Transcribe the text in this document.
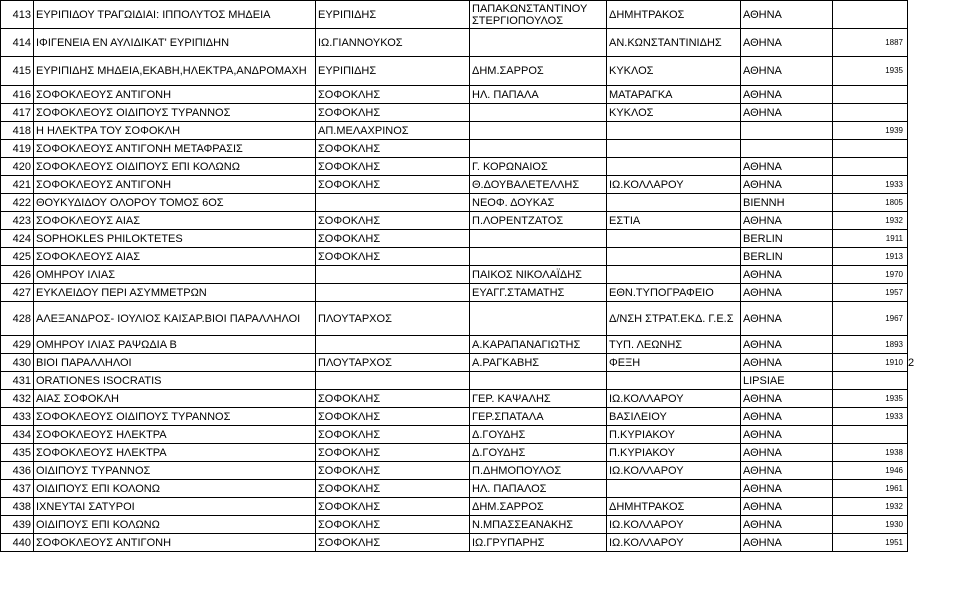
413	ΕΥΡΙΠΙΔΟΥ ΤΡΑΓΩΙΔΙΑΙ: ΙΠΠΟΛΥΤΟΣ ΜΗΔΕΙΑ	ΕΥΡΙΠΙΔΗΣ	ΠΑΠΑΚΩΝΣΤΑΝΤΙΝΟΥ ΣΤΕΡΓΙΟΠΟΥΛΟΣ	ΔΗΜΗΤΡΑΚΟΣ	ΑΘΗΝΑ		
414	ΙΦΙΓΕΝΕΙΑ ΕΝ ΑΥΛΙΔΙΚΑΤ' ΕΥΡΙΠΙΔΗΝ	ΙΩ.ΓΙΑΝΝΟΥΚΟΣ		ΑΝ.ΚΩΝΣΤΑΝΤΙΝΙΔΗΣ	ΑΘΗΝΑ	1887	
415	ΕΥΡΙΠΙΔΗΣ ΜΗΔΕΙΑ,ΕΚΑΒΗ,ΗΛΕΚΤΡΑ,ΑΝΔΡΟΜΑΧΗ	ΕΥΡΙΠΙΔΗΣ	ΔΗΜ.ΣΑΡΡΟΣ	ΚΥΚΛΟΣ	ΑΘΗΝΑ	1935	
416	ΣΟΦΟΚΛΕΟΥΣ ΑΝΤΙΓΟΝΗ	ΣΟΦΟΚΛΗΣ	ΗΛ. ΠΑΠΑΛΑ	ΜΑΤΑΡΑΓΚΑ	ΑΘΗΝΑ		
417	ΣΟΦΟΚΛΕΟΥΣ ΟΙΔΙΠΟΥΣ ΤΥΡΑΝΝΟΣ	ΣΟΦΟΚΛΗΣ		ΚΥΚΛΟΣ	ΑΘΗΝΑ		
418	Η ΗΛΕΚΤΡΑ ΤΟΥ ΣΟΦΟΚΛΗ	ΑΠ.ΜΕΛΑΧΡΙΝΟΣ				1939	
419	ΣΟΦΟΚΛΕΟΥΣ ΑΝΤΙΓΟΝΗ ΜΕΤΑΦΡΑΣΙΣ	ΣΟΦΟΚΛΗΣ					
420	ΣΟΦΟΚΛΕΟΥΣ ΟΙΔΙΠΟΥΣ ΕΠΙ ΚΟΛΩΝΩ	ΣΟΦΟΚΛΗΣ	Γ. ΚΟΡΩΝΑΙΟΣ		ΑΘΗΝΑ		
421	ΣΟΦΟΚΛΕΟΥΣ ΑΝΤΙΓΟΝΗ	ΣΟΦΟΚΛΗΣ	Θ.ΔΟΥΒΑΛΕΤΕΛΛΗΣ	ΙΩ.ΚΟΛΛΑΡΟΥ	ΑΘΗΝΑ	1933	
422	ΘΟΥΚΥΔΙΔΟΥ ΟΛΟΡΟΥ ΤΟΜΟΣ 6ΟΣ		ΝΕΟΦ. ΔΟΥΚΑΣ		ΒΙΕΝΝΗ	1805	
423	ΣΟΦΟΚΛΕΟΥΣ ΑΙΑΣ	ΣΟΦΟΚΛΗΣ	Π.ΛΟΡΕΝΤΖΑΤΟΣ	ΕΣΤΙΑ	ΑΘΗΝΑ	1932	
424	SOPHOKLES PHILOKTETES	ΣΟΦΟΚΛΗΣ			BERLIN	1911	
425	ΣΟΦΟΚΛΕΟΥΣ ΑΙΑΣ	ΣΟΦΟΚΛΗΣ			BERLIN	1913	
426	ΟΜΗΡΟΥ ΙΛΙΑΣ		ΠΑΙΚΟΣ ΝΙΚΟΛΑΪΔΗΣ		ΑΘΗΝΑ	1970	
427	ΕΥΚΛΕΙΔΟΥ ΠΕΡΙ ΑΣΥΜΜΕΤΡΩΝ		ΕΥΑΓΓ.ΣΤΑΜΑΤΗΣ	ΕΘΝ.ΤΥΠΟΓΡΑΦΕΙΟ	ΑΘΗΝΑ	1957	
428	ΑΛΕΞΑΝΔΡΟΣ- ΙΟΥΛΙΟΣ ΚΑΙΣΑΡ.ΒΙΟΙ ΠΑΡΑΛΛΗΛΟΙ	ΠΛΟΥΤΑΡΧΟΣ		Δ/ΝΣΗ ΣΤΡΑΤ.ΕΚΔ. Γ.Ε.Σ	ΑΘΗΝΑ	1967	
429	ΟΜΗΡΟΥ ΙΛΙΑΣ ΡΑΨΩΔΙΑ Β		Α.ΚΑΡΑΠΑΝΑΓΙΩΤΗΣ	ΤΥΠ. ΛΕΩΝΗΣ	ΑΘΗΝΑ	1893	
430	ΒΙΟΙ ΠΑΡΑΛΛΗΛΟΙ	ΠΛΟΥΤΑΡΧΟΣ	Α.ΡΑΓΚΑΒΗΣ	ΦΕΞΗ	ΑΘΗΝΑ	1910	2
431	ORATIONES ISOCRATIS				LIPSIAE		
432	ΑΙΑΣ ΣΟΦΟΚΛΗ	ΣΟΦΟΚΛΗΣ	ΓΕΡ. ΚΑΨΑΛΗΣ	ΙΩ.ΚΟΛΛΑΡΟΥ	ΑΘΗΝΑ	1935	
433	ΣΟΦΟΚΛΕΟΥΣ ΟΙΔΙΠΟΥΣ ΤΥΡΑΝΝΟΣ	ΣΟΦΟΚΛΗΣ	ΓΕΡ.ΣΠΑΤΑΛΑ	ΒΑΣΙΛΕΙΟΥ	ΑΘΗΝΑ	1933	
434	ΣΟΦΟΚΛΕΟΥΣ ΗΛΕΚΤΡΑ	ΣΟΦΟΚΛΗΣ	Δ.ΓΟΥΔΗΣ	Π.ΚΥΡΙΑΚΟΥ	ΑΘΗΝΑ		
435	ΣΟΦΟΚΛΕΟΥΣ ΗΛΕΚΤΡΑ	ΣΟΦΟΚΛΗΣ	Δ.ΓΟΥΔΗΣ	Π.ΚΥΡΙΑΚΟΥ	ΑΘΗΝΑ	1938	
436	ΟΙΔΙΠΟΥΣ ΤΥΡΑΝΝΟΣ	ΣΟΦΟΚΛΗΣ	Π.ΔΗΜΟΠΟΥΛΟΣ	ΙΩ.ΚΟΛΛΑΡΟΥ	ΑΘΗΝΑ	1946	
437	ΟΙΔΙΠΟΥΣ ΕΠΙ ΚΟΛΟΝΩ	ΣΟΦΟΚΛΗΣ	ΗΛ. ΠΑΠΑΛΟΣ		ΑΘΗΝΑ	1961	
438	ΙΧΝΕΥΤΑΙ ΣΑΤΥΡΟΙ	ΣΟΦΟΚΛΗΣ	ΔΗΜ.ΣΑΡΡΟΣ	ΔΗΜΗΤΡΑΚΟΣ	ΑΘΗΝΑ	1932	
439	ΟΙΔΙΠΟΥΣ ΕΠΙ ΚΟΛΩΝΩ	ΣΟΦΟΚΛΗΣ	Ν.ΜΠΑΣΣΕΑΝΑΚΗΣ	ΙΩ.ΚΟΛΛΑΡΟΥ	ΑΘΗΝΑ	1930	
440	ΣΟΦΟΚΛΕΟΥΣ ΑΝΤΙΓΟΝΗ	ΣΟΦΟΚΛΗΣ	ΙΩ.ΓΡΥΠΑΡΗΣ	ΙΩ.ΚΟΛΛΑΡΟΥ	ΑΘΗΝΑ	1951	
